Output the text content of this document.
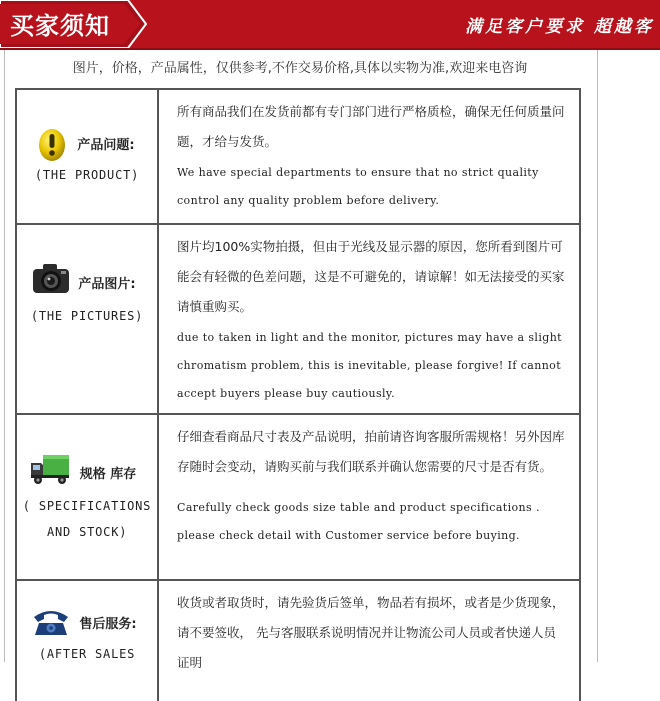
买家须知	满足客户要求 超越客
图片，价格，产品属性，仅供参考,不作交易价格,具体以实物为准,欢迎来电咨询
产品问题:
(THE PRODUCT)
所有商品我们在发货前都有专门部门进行严格质检，确保无任何质量问题，才给与发货。
We have special departments to ensure that no strict quality control any quality problem before delivery.
产品图片:
(THE PICTURES)
图片均100%实物拍摄，但由于光线及显示器的原因，您所看到图片可能会有轻微的色差问题，这是不可避免的，请谅解！如无法接受的买家请慎重购买。
due to taken in light and the monitor, pictures may have a slight chromatism problem, this is inevitable, please forgive! If cannot accept buyers please buy cautiously.
规格 库存
( SPECIFICATIONS
AND STOCK)
仔细查看商品尺寸表及产品说明，拍前请咨询客服所需规格！另外因库存随时会变动，请购买前与我们联系并确认您需要的尺寸是否有货。
Carefully check goods size table and product specifications . please check detail with Customer service before buying.
售后服务:
(AFTER SALES
收货或者取货时，请先验货后签单，物品若有损坏，或者是少货现象，请不要签收， 先与客服联系说明情况并让物流公司人员或者快递人员证明
